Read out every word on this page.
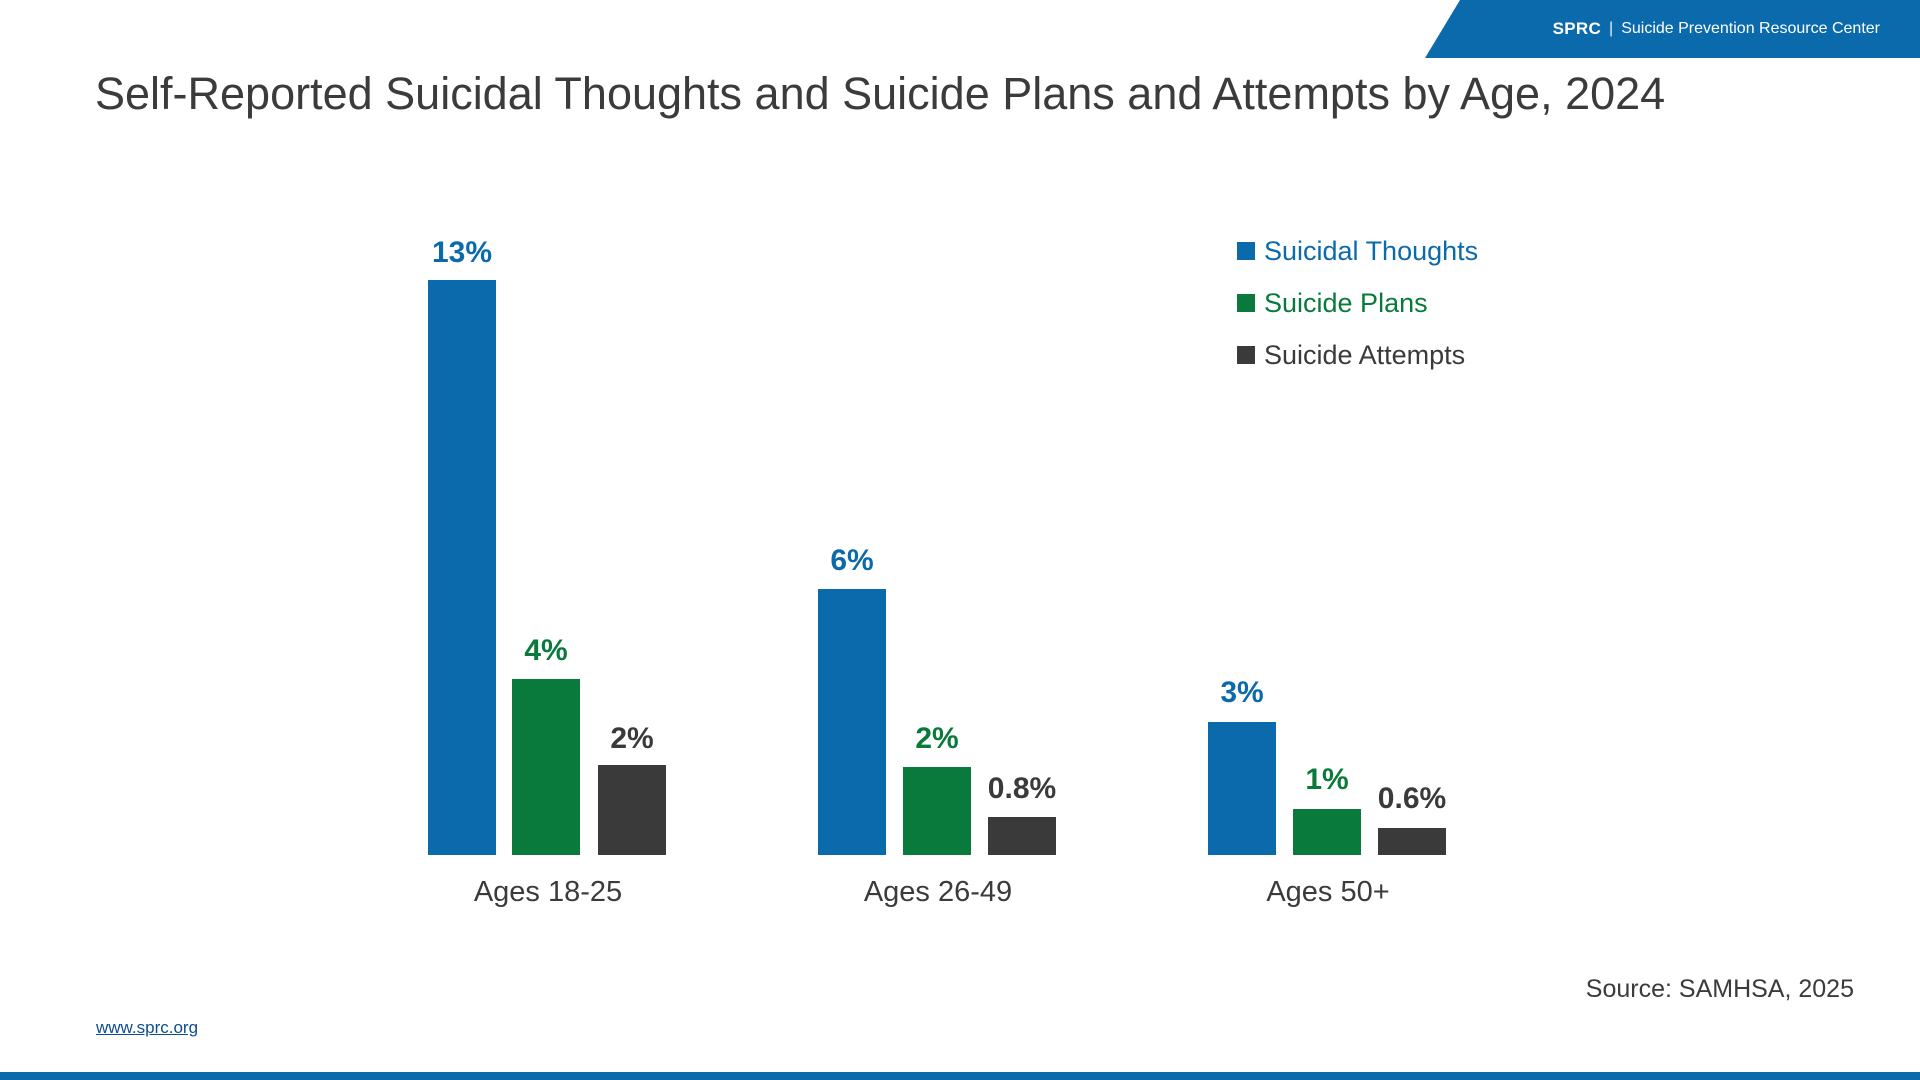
SPRC | Suicide Prevention Resource Center
Self-Reported Suicidal Thoughts and Suicide Plans and Attempts by Age, 2024
Suicidal Thoughts
Suicide Plans
Suicide Attempts
13%
4%
2%
Ages 18-25
6%
2%
0.8%
Ages 26-49
3%
1%
0.6%
Ages 50+
Source: SAMHSA, 2025
www.sprc.org
